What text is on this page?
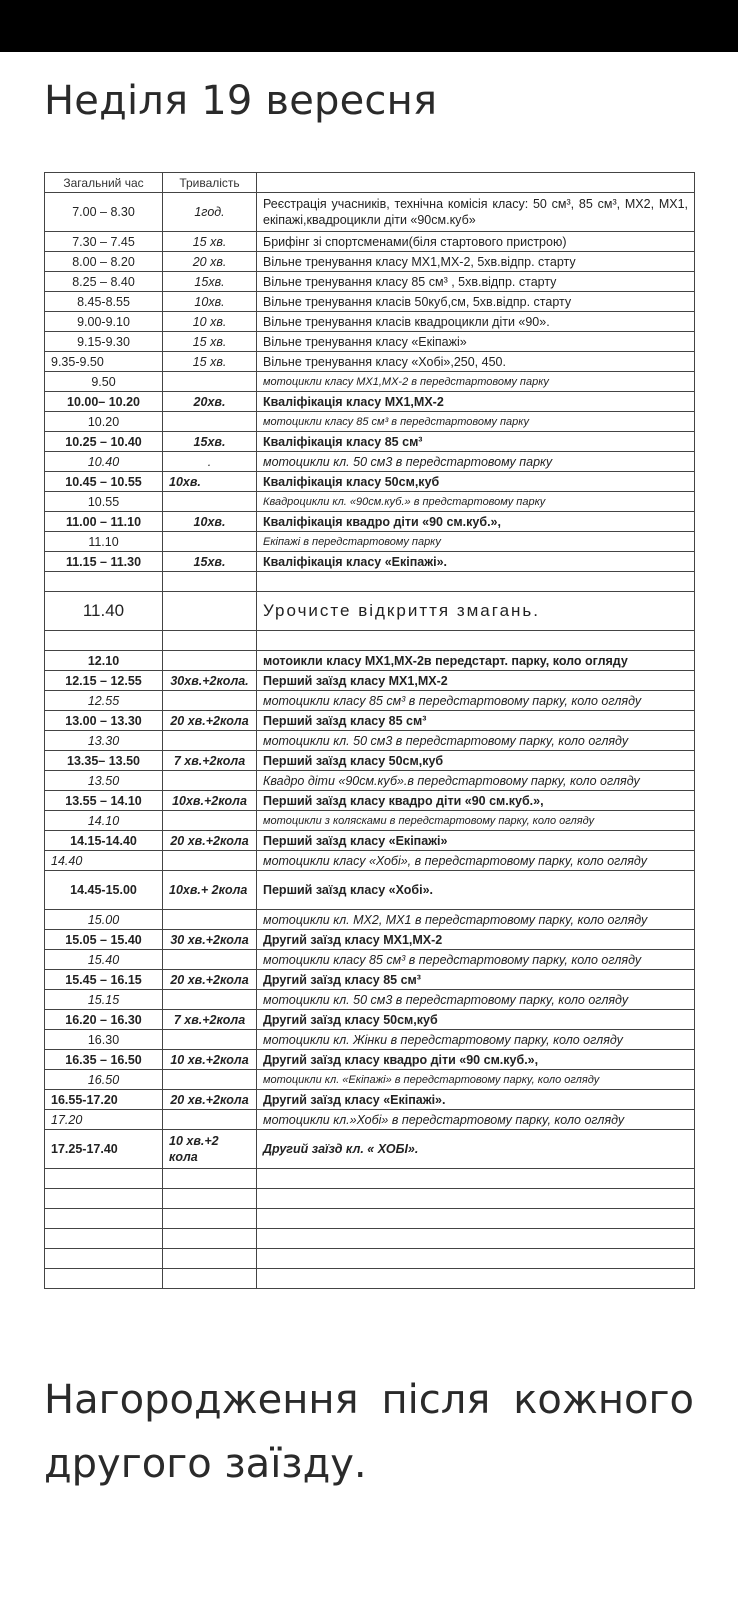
Неділя 19 вересня
Загальний час	Тривалість	
7.00 – 8.30	1год.	Реєстрація учасників, технічна комісія класу: 50 см³, 85 см³, МХ2, МХ1, екіпажі,квадроцикли діти «90см.куб»
7.30 – 7.45	15 хв.	Брифінг зі спортсменами(біля стартового пристрою)
8.00 – 8.20	20 хв.	Вільне тренування класу МХ1,МХ-2, 5хв.відпр. старту
8.25 – 8.40	15хв.	Вільне тренування класу 85 см³ , 5хв.відпр. старту
8.45-8.55	10хв.	Вільне тренування класів 50куб,см, 5хв.відпр. старту
9.00-9.10	10 хв.	Вільне тренування класів квадроцикли діти «90».
9.15-9.30	15 хв.	Вільне тренування класу «Екіпажі»
9.35-9.50	15 хв.	Вільне тренування класу «Хобі»,250, 450.
9.50		мотоцикли класу МХ1,МХ-2 в передстартовому парку
10.00– 10.20	20хв.	Кваліфікація класу МХ1,МХ-2
10.20		мотоцикли класу 85 см³ в передстартовому парку
10.25 – 10.40	15хв.	Кваліфікація класу 85 см³
10.40	.	мотоцикли кл. 50 см3 в передстартовому парку
10.45 – 10.55	10хв.	Кваліфікація класу 50см,куб
10.55		Квадроцикли кл. «90см.куб.» в предстартовому парку
11.00 – 11.10	10хв.	Кваліфікація квадро діти «90 см.куб.»,
11.10		Екіпажі в передстартовому парку
11.15 – 11.30	15хв.	Кваліфікація класу «Екіпажі».

11.40		Урочисте відкриття змагань.

12.10		мотоикли класу МХ1,МХ-2в передстарт. парку, коло огляду
12.15 – 12.55	30хв.+2кола.	Перший заїзд класу МХ1,МХ-2
12.55		мотоцикли класу 85 см³ в передстартовому парку, коло огляду
13.00 – 13.30	20 хв.+2кола	Перший заїзд класу 85 см³
13.30		мотоцикли кл. 50 см3 в передстартовому парку, коло огляду
13.35– 13.50	7 хв.+2кола	Перший заїзд класу 50см,куб
13.50		Квадро діти «90см.куб».в передстартовому парку, коло огляду
13.55 – 14.10	10хв.+2кола	Перший заїзд класу квадро діти «90 см.куб.»,
14.10		мотоцикли з колясками в передстартовому парку, коло огляду
14.15-14.40	20 хв.+2кола	Перший заїзд класу «Екіпажі»
14.40		мотоцикли класу «Хобі», в передстартовому парку, коло огляду
14.45-15.00	10хв.+ 2кола	Перший заїзд класу «Хобі».
15.00		мотоцикли кл. МХ2, МХ1 в передстартовому парку, коло огляду
15.05 – 15.40	30 хв.+2кола	Другий заїзд класу МХ1,МХ-2
15.40		мотоцикли класу 85 см³ в передстартовому парку, коло огляду
15.45 – 16.15	20 хв.+2кола	Другий заїзд класу 85 см³
15.15		мотоцикли кл. 50 см3 в передстартовому парку, коло огляду
16.20 – 16.30	7 хв.+2кола	Другий заїзд класу 50см,куб
16.30		мотоцикли кл. Жінки в передстартовому парку, коло огляду
16.35 – 16.50	10 хв.+2кола	Другий заїзд класу квадро діти «90 см.куб.»,
16.50		мотоцикли кл. «Екіпажі» в передстартовому парку, коло огляду
16.55-17.20	20 хв.+2кола	Другий заїзд класу «Екіпажі».
17.20		мотоцикли кл.»Хобі» в передстартовому парку, коло огляду
17.25-17.40	10 хв.+2 кола	Другий заїзд кл. « ХОБІ».

Нагородження після кожного другого заїзду.
